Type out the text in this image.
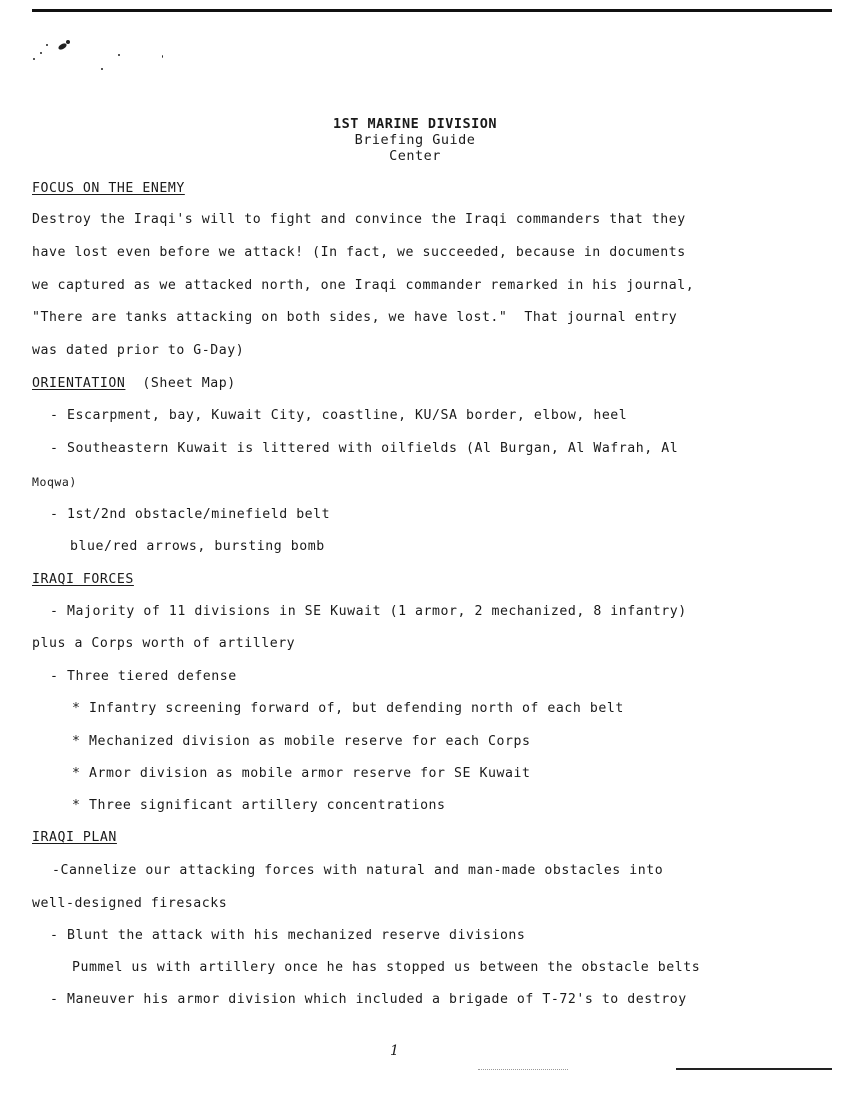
1ST MARINE DIVISION
Briefing Guide
Center
FOCUS ON THE ENEMY
Destroy the Iraqi's will to fight and convince the Iraqi commanders that they
have lost even before we attack! (In fact, we succeeded, because in documents
we captured as we attacked north, one Iraqi commander remarked in his journal,
"There are tanks attacking on both sides, we have lost."  That journal entry
was dated prior to G-Day)
ORIENTATION (Sheet Map)
- Escarpment, bay, Kuwait City, coastline, KU/SA border, elbow, heel
- Southeastern Kuwait is littered with oilfields (Al Burgan, Al Wafrah, Al
Moqwa)
- 1st/2nd obstacle/minefield belt
blue/red arrows, bursting bomb
IRAQI FORCES
- Majority of 11 divisions in SE Kuwait (1 armor, 2 mechanized, 8 infantry)
plus a Corps worth of artillery
- Three tiered defense
* Infantry screening forward of, but defending north of each belt
* Mechanized division as mobile reserve for each Corps
* Armor division as mobile armor reserve for SE Kuwait
* Three significant artillery concentrations
IRAQI PLAN
-Cannelize our attacking forces with natural and man-made obstacles into
well-designed firesacks
- Blunt the attack with his mechanized reserve divisions
Pummel us with artillery once he has stopped us between the obstacle belts
- Maneuver his armor division which included a brigade of T-72's to destroy
1
